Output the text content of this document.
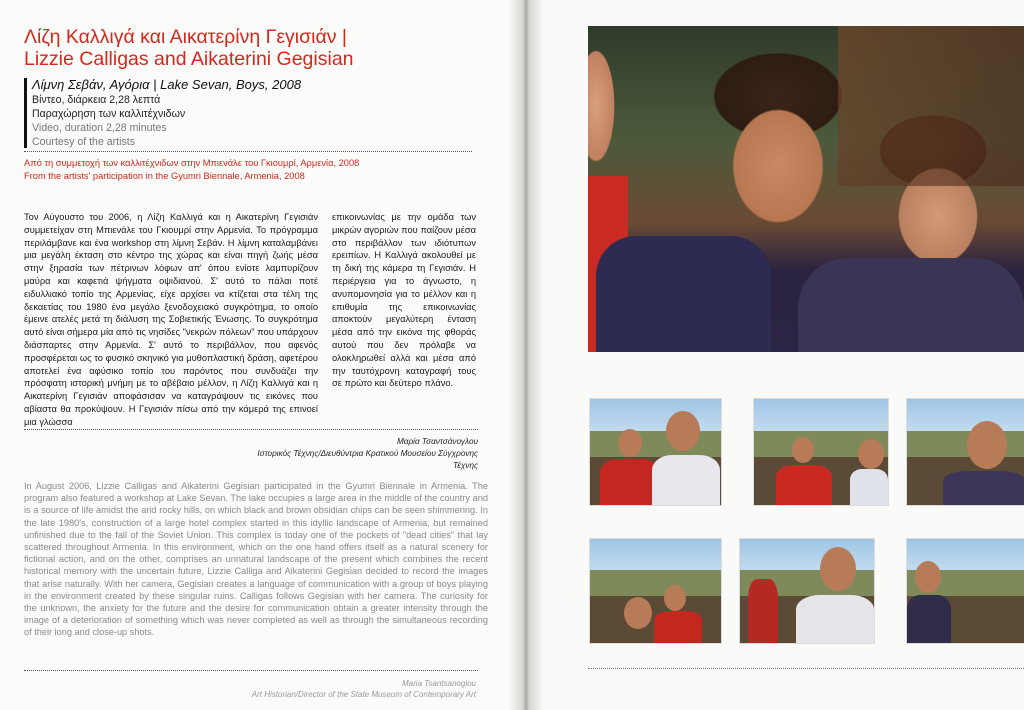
Λίζη Καλλιγά και Αικατερίνη Γεγισιάν |
Lizzie Calligas and Aikaterini Gegisian
Λίμνη Σεβάν, Αγόρια | Lake Sevan, Boys, 2008
Βίντεο, διάρκεια 2,28 λεπτά
Παραχώρηση των καλλιτέχνιδων
Video, duration 2,28 minutes
Courtesy of the artists
Από τη συμμετοχή των καλλιτέχνιδων στην Μπιενάλε του Γκιουμρί, Αρμενία, 2008
From the artists' participation in the Gyumri Biennale, Armenia, 2008
Τον Αύγουστο του 2006, η Λίζη Καλλιγά και η Αικατερίνη Γεγισιάν συμμετείχαν στη Μπιενάλε του Γκιουμρί στην Αρμενία. Το πρόγραμμα περιλάμβανε και ένα workshop στη λίμνη Σεβάν. Η λίμνη καταλαμβάνει μια μεγάλη έκταση στο κέντρο της χώρας και είναι πηγή ζωής μέσα στην ξηρασία των πέτρινων λόφων απ' όπου ενίοτε λαμπυρίζουν μαύρα και καφετιά ψήγματα οψιδιανού. Σ' αυτό το πάλαι ποτέ ειδυλλιακό τοπίο της Αρμενίας, είχε αρχίσει να κτίζεται στα τέλη της δεκαετίας του 1980 ένα μεγάλο ξενοδοχειακό συγκρότημα, το οποίο έμεινε ατελές μετά τη διάλυση της Σοβιετικής Ένωσης. Το συγκρότημα αυτό είναι σήμερα μία από τις νησίδες "νεκρών πόλεων" που υπάρχουν διάσπαρτες στην Αρμενία. Σ' αυτό το περιβάλλον, που αφενός προσφέρεται ως το φυσικό σκηνικό για μυθοπλαστική δράση, αφετέρου αποτελεί ένα αφύσικο τοπίο του παρόντος που συνδυάζει την πρόσφατη ιστορική μνήμη με το αβέβαιο μέλλον, η Λίζη Καλλιγά και η Αικατερίνη Γεγισιάν αποφάσισαν να καταγράψουν τις εικόνες που αβίαστα θα προκύψουν. Η Γεγισιάν πίσω από την κάμερά της επινοεί μια γλώσσα
επικοινωνίας με την ομάδα των μικρών αγοριών που παίζουν μέσα στο περιβάλλον των ιδιότυπων ερειπίων. Η Καλλιγά ακολουθεί με τη δική της κάμερα τη Γεγισιάν. Η περιέργεια για το άγνωστο, η ανυπομονησία για το μέλλον και η επιθυμία της επικοινωνίας αποκτούν μεγαλύτερη ένταση μέσα από την εικόνα της φθοράς αυτού που δεν πρόλαβε να ολοκληρωθεί αλλά και μέσα από την ταυτόχρονη καταγραφή τους σε πρώτο και δεύτερο πλάνο.
Μαρία Τσαντσάνογλου
Ιστορικός Τέχνης/Διευθύντρια Κρατικού Μουσείου Σύγχρονης Τέχνης
In August 2006, Lizzie Calligas and Aikaterini Gegisian participated in the Gyumri Biennale in Armenia. The program also featured a workshop at Lake Sevan. The lake occupies a large area in the middle of the country and is a source of life amidst the arid rocky hills, on which black and brown obsidian chips can be seen shimmering. In the late 1980's, construction of a large hotel complex started in this idyllic landscape of Armenia, but remained unfinished due to the fall of the Soviet Union. This complex is today one of the pockets of "dead cities" that lay scattered throughout Armenia. In this environment, which on the one hand offers itself as a natural scenery for fictional action, and on the other, comprises an unnatural landscape of the present which combines the recent historical memory with the uncertain future, Lizzie Calliga and Aikaterini Gegisian decided to record the images that arise naturally. With her camera, Gegisian creates a language of communication with a group of boys playing in the environment created by these singular ruins. Calligas follows Gegisian with her camera. The curiosity for the unknown, the anxiety for the future and the desire for communication obtain a greater intensity through the image of a deterioration of something which was never completed as well as through the simultaneous recording of their long and close-up shots.
Maria Tsantsanoglou
Art Historian/Director of the State Museum of Contemporary Art
